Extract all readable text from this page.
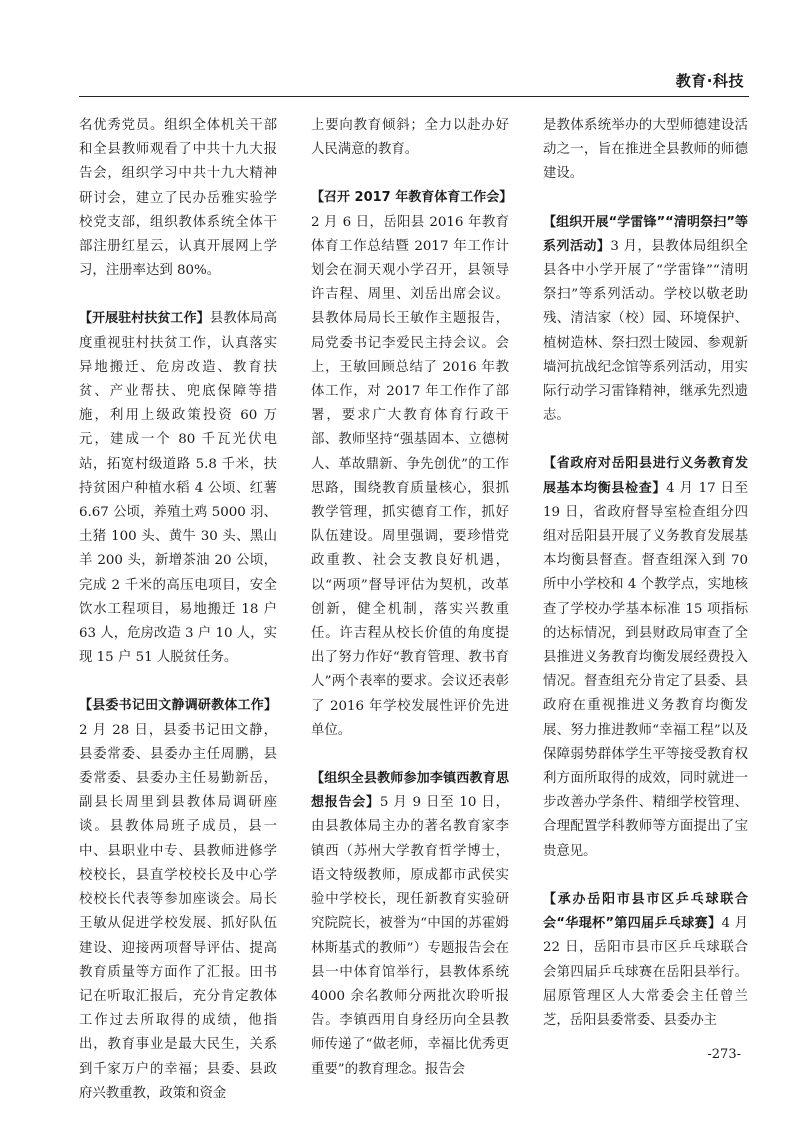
教育·科技

名优秀党员。组织全体机关干部和全县教师观看了中共十九大报告会，组织学习中共十九大精神研讨会，建立了民办岳雅实验学校党支部，组织教体系统全体干部注册红星云，认真开展网上学习，注册率达到 80%。

【开展驻村扶贫工作】县教体局高度重视驻村扶贫工作，认真落实异地搬迁、危房改造、教育扶贫、产业帮扶、兜底保障等措施，利用上级政策投资 60 万元，建成一个 80 千瓦光伏电站，拓宽村级道路 5.8 千米，扶持贫困户种植水稻 4 公顷、红薯 6.67 公顷，养殖土鸡 5000 羽、土猪 100 头、黄牛 30 头、黑山羊 200 头，新增茶油 20 公顷，完成 2 千米的高压电项目，安全饮水工程项目，易地搬迁 18 户 63 人，危房改造 3 户 10 人，实现 15 户 51 人脱贫任务。

【县委书记田文静调研教体工作】2 月 28 日，县委书记田文静，县委常委、县委办主任周鹏，县委常委、县委办主任易勤新岳，副县长周里到县教体局调研座谈。县教体局班子成员，县一中、县职业中专、县教师进修学校校长，县直学校校长及中心学校校长代表等参加座谈会。局长王敏从促进学校发展、抓好队伍建设、迎接两项督导评估、提高教育质量等方面作了汇报。田书记在听取汇报后，充分肯定教体工作过去所取得的成绩，他指出，教育事业是最大民生，关系到千家万户的幸福；县委、县政府兴教重教，政策和资金

上要向教育倾斜；全力以赴办好人民满意的教育。

【召开 2017 年教育体育工作会】2 月 6 日，岳阳县 2016 年教育体育工作总结暨 2017 年工作计划会在洞天观小学召开，县领导许吉程、周里、刘岳出席会议。县教体局局长王敏作主题报告，局党委书记李爱民主持会议。会上，王敏回顾总结了 2016 年教体工作，对 2017 年工作作了部署，要求广大教育体育行政干部、教师坚持“强基固本、立德树人、革故鼎新、争先创优”的工作思路，围绕教育质量核心，狠抓教学管理，抓实德育工作，抓好队伍建设。周里强调，要珍惜党政重教、社会支教良好机遇，以“两项”督导评估为契机，改革创新，健全机制，落实兴教重任。许吉程从校长价值的角度提出了努力作好“教育管理、教书育人”两个表率的要求。会议还表彰了 2016 年学校发展性评价先进单位。

【组织全县教师参加李镇西教育思想报告会】5 月 9 日至 10 日，由县教体局主办的著名教育家李镇西（苏州大学教育哲学博士，语文特级教师，原成都市武侯实验中学校长，现任新教育实验研究院院长，被誉为“中国的苏霍姆林斯基式的教师”）专题报告会在县一中体育馆举行，县教体系统 4000 余名教师分两批次聆听报告。李镇西用自身经历向全县教师传递了“做老师，幸福比优秀更重要”的教育理念。报告会

是教体系统举办的大型师德建设活动之一，旨在推进全县教师的师德建设。

【组织开展“学雷锋”“清明祭扫”等系列活动】3 月，县教体局组织全县各中小学开展了“学雷锋”“清明祭扫”等系列活动。学校以敬老助残、清洁家（校）园、环境保护、植树造林、祭扫烈士陵园、参观新墙河抗战纪念馆等系列活动，用实际行动学习雷锋精神，继承先烈遗志。

【省政府对岳阳县进行义务教育发展基本均衡县检查】4 月 17 日至 19 日，省政府督导室检查组分四组对岳阳县开展了义务教育发展基本均衡县督查。督查组深入到 70 所中小学校和 4 个教学点，实地核查了学校办学基本标准 15 项指标的达标情况，到县财政局审查了全县推进义务教育均衡发展经费投入情况。督查组充分肯定了县委、县政府在重视推进义务教育均衡发展、努力推进教师“幸福工程”以及保障弱势群体学生平等接受教育权利方面所取得的成效，同时就进一步改善办学条件、精细学校管理、合理配置学科教师等方面提出了宝贵意见。

【承办岳阳市县市区乒乓球联合会“华琨杯”第四届乒乓球赛】4 月 22 日，岳阳市县市区乒乓球联合会第四届乒乓球赛在岳阳县举行。屈原管理区人大常委会主任曾兰芝，岳阳县委常委、县委办主

-273-
